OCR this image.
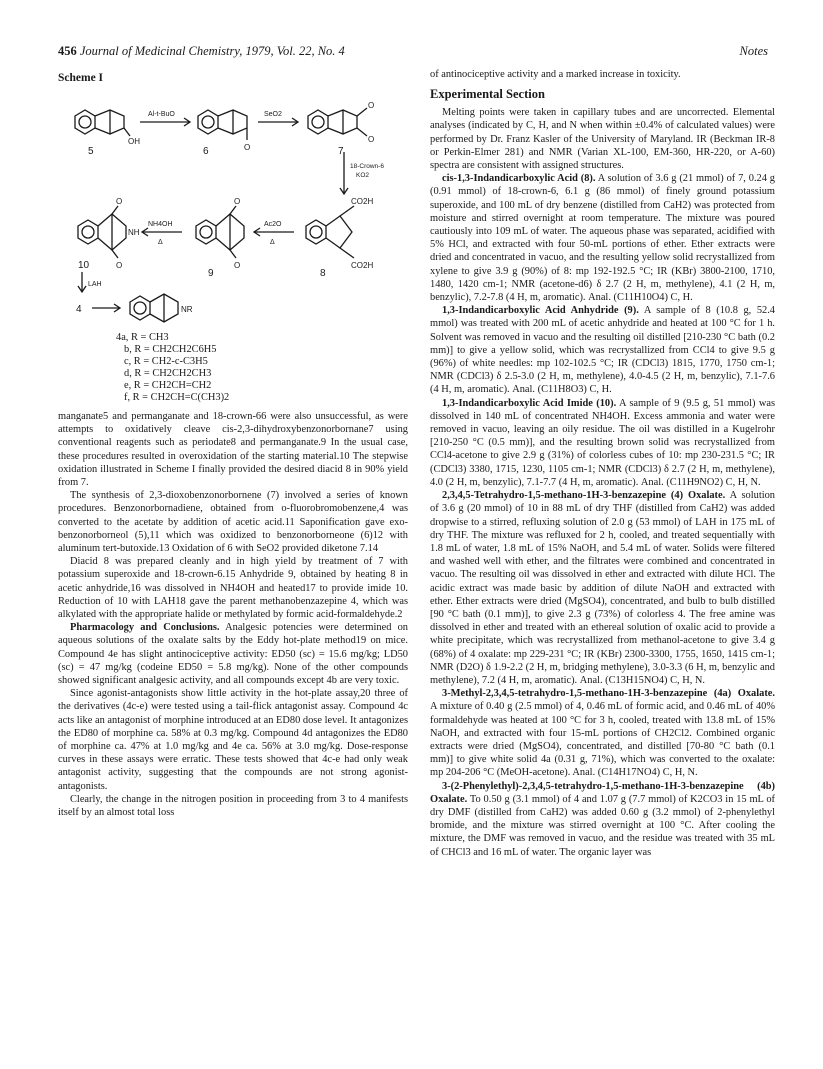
456 Journal of Medicinal Chemistry, 1979, Vol. 22, No. 4	Notes
Scheme I
OH
5
Al-t-BuO
O
6
SeO2
O
O
7
18-Crown-6
KO2
CO2H
CO2H
8
Ac2O
Δ
O
O
9
NH4OH
Δ
O
O
NH
10
LAH
4	NR
4a, R = CH3
b, R = CH2CH2C6H5
c, R = CH2-c-C3H5
d, R = CH2CH2CH3
e, R = CH2CH=CH2
f, R = CH2CH=C(CH3)2

manganate5 and permanganate and 18-crown-66 were also unsuccessful, as were attempts to oxidatively cleave cis-2,3-dihydroxybenzonorbornane7 using conventional reagents such as periodate8 and permanganate.9 In the usual case, these procedures resulted in overoxidation of the starting material.10 The stepwise oxidation illustrated in Scheme I finally provided the desired diacid 8 in 90% yield from 7.

The synthesis of 2,3-dioxobenzonorbornene (7) involved a series of known procedures. Benzonorbornadiene, obtained from o-fluorobromobenzene,4 was converted to the acetate by addition of acetic acid.11 Saponification gave exo-benzonorborneol (5),11 which was oxidized to benzonorborneone (6)12 with aluminum tert-butoxide.13 Oxidation of 6 with SeO2 provided diketone 7.14

Diacid 8 was prepared cleanly and in high yield by treatment of 7 with potassium superoxide and 18-crown-6.15 Anhydride 9, obtained by heating 8 in acetic anhydride,16 was dissolved in NH4OH and heated17 to provide imide 10. Reduction of 10 with LAH18 gave the parent methanobenzazepine 4, which was alkylated with the appropriate halide or methylated by formic acid-formaldehyde.2

Pharmacology and Conclusions. Analgesic potencies were determined on aqueous solutions of the oxalate salts by the Eddy hot-plate method19 on mice. Compound 4e has slight antinociceptive activity: ED50 (sc) = 15.6 mg/kg; LD50 (sc) = 47 mg/kg (codeine ED50 = 5.8 mg/kg). None of the other compounds showed significant analgesic activity, and all compounds except 4b are very toxic.

Since agonist-antagonists show little activity in the hot-plate assay,20 three of the derivatives (4c-e) were tested using a tail-flick antagonist assay. Compound 4c acts like an antagonist of morphine introduced at an ED80 dose level. It antagonizes the ED80 of morphine ca. 58% at 0.3 mg/kg. Compound 4d antagonizes the ED80 of morphine ca. 47% at 1.0 mg/kg and 4e ca. 56% at 3.0 mg/kg. Dose-response curves in these assays were erratic. These tests showed that 4c-e had only weak antagonist activity, suggesting that the compounds are not strong agonist-antagonists.

Clearly, the change in the nitrogen position in proceeding from 3 to 4 manifests itself by an almost total loss

of antinociceptive activity and a marked increase in toxicity.

Experimental Section

Melting points were taken in capillary tubes and are uncorrected. Elemental analyses (indicated by C, H, and N when within ±0.4% of calculated values) were performed by Dr. Franz Kasler of the University of Maryland. IR (Beckman IR-8 or Perkin-Elmer 281) and NMR (Varian XL-100, EM-360, HR-220, or A-60) spectra are consistent with assigned structures.

cis-1,3-Indandicarboxylic Acid (8). A solution of 3.6 g (21 mmol) of 7, 0.24 g (0.91 mmol) of 18-crown-6, 6.1 g (86 mmol) of finely ground potassium superoxide, and 100 mL of dry benzene (distilled from CaH2) was protected from moisture and stirred overnight at room temperature. The mixture was poured cautiously into 109 mL of water. The aqueous phase was separated, acidified with 5% HCl, and extracted with four 50-mL portions of ether. Ether extracts were dried and concentrated in vacuo, and the resulting yellow solid recrystallized from xylene to give 3.9 g (90%) of 8: mp 192-192.5 °C; IR (KBr) 3800-2100, 1710, 1480, 1420 cm-1; NMR (acetone-d6) δ 2.7 (2 H, m, methylene), 4.1 (2 H, m, benzylic), 7.2-7.8 (4 H, m, aromatic). Anal. (C11H10O4) C, H.

1,3-Indandicarboxylic Acid Anhydride (9). A sample of 8 (10.8 g, 52.4 mmol) was treated with 200 mL of acetic anhydride and heated at 100 °C for 1 h. Solvent was removed in vacuo and the resulting oil distilled [210-230 °C bath (0.2 mm)] to give a yellow solid, which was recrystallized from CCl4 to give 9.5 g (96%) of white needles: mp 102-102.5 °C; IR (CDCl3) 1815, 1770, 1750 cm-1; NMR (CDCl3) δ 2.5-3.0 (2 H, m, methylene), 4.0-4.5 (2 H, m, benzylic), 7.1-7.6 (4 H, m, aromatic). Anal. (C11H8O3) C, H.

1,3-Indandicarboxylic Acid Imide (10). A sample of 9 (9.5 g, 51 mmol) was dissolved in 140 mL of concentrated NH4OH. Excess ammonia and water were removed in vacuo, leaving an oily residue. The oil was distilled in a Kugelrohr [210-250 °C (0.5 mm)], and the resulting brown solid was recrystallized from CCl4-acetone to give 2.9 g (31%) of colorless cubes of 10: mp 230-231.5 °C; IR (CDCl3) 3380, 1715, 1230, 1105 cm-1; NMR (CDCl3) δ 2.7 (2 H, m, methylene), 4.0 (2 H, m, benzylic), 7.1-7.7 (4 H, m, aromatic). Anal. (C11H9NO2) C, H, N.

2,3,4,5-Tetrahydro-1,5-methano-1H-3-benzazepine (4) Oxalate. A solution of 3.6 g (20 mmol) of 10 in 88 mL of dry THF (distilled from CaH2) was added dropwise to a stirred, refluxing solution of 2.0 g (53 mmol) of LAH in 175 mL of dry THF. The mixture was refluxed for 2 h, cooled, and treated sequentially with 1.8 mL of water, 1.8 mL of 15% NaOH, and 5.4 mL of water. Solids were filtered and washed well with ether, and the filtrates were combined and concentrated in vacuo. The resulting oil was dissolved in ether and extracted with dilute HCl. The acidic extract was made basic by addition of dilute NaOH and extracted with ether. Ether extracts were dried (MgSO4), concentrated, and bulb to bulb distilled [90 °C bath (0.1 mm)], to give 2.3 g (73%) of colorless 4. The free amine was dissolved in ether and treated with an ethereal solution of oxalic acid to provide a white precipitate, which was recrystallized from methanol-acetone to give 3.4 g (68%) of 4 oxalate: mp 229-231 °C; IR (KBr) 2300-3300, 1755, 1650, 1415 cm-1; NMR (D2O) δ 1.9-2.2 (2 H, m, bridging methylene), 3.0-3.3 (6 H, m, benzylic and methylene), 7.2 (4 H, m, aromatic). Anal. (C13H15NO4) C, H, N.

3-Methyl-2,3,4,5-tetrahydro-1,5-methano-1H-3-benzazepine (4a) Oxalate. A mixture of 0.40 g (2.5 mmol) of 4, 0.46 mL of formic acid, and 0.46 mL of 40% formaldehyde was heated at 100 °C for 3 h, cooled, treated with 13.8 mL of 15% NaOH, and extracted with four 15-mL portions of CH2Cl2. Combined organic extracts were dried (MgSO4), concentrated, and distilled [70-80 °C bath (0.1 mm)] to give white solid 4a (0.31 g, 71%), which was converted to the oxalate: mp 204-206 °C (MeOH-acetone). Anal. (C14H17NO4) C, H, N.

3-(2-Phenylethyl)-2,3,4,5-tetrahydro-1,5-methano-1H-3-benzazepine (4b) Oxalate. To 0.50 g (3.1 mmol) of 4 and 1.07 g (7.7 mmol) of K2CO3 in 15 mL of dry DMF (distilled from CaH2) was added 0.60 g (3.2 mmol) of 2-phenylethyl bromide, and the mixture was stirred overnight at 100 °C. After cooling the mixture, the DMF was removed in vacuo, and the residue was treated with 35 mL of CHCl3 and 16 mL of water. The organic layer was
